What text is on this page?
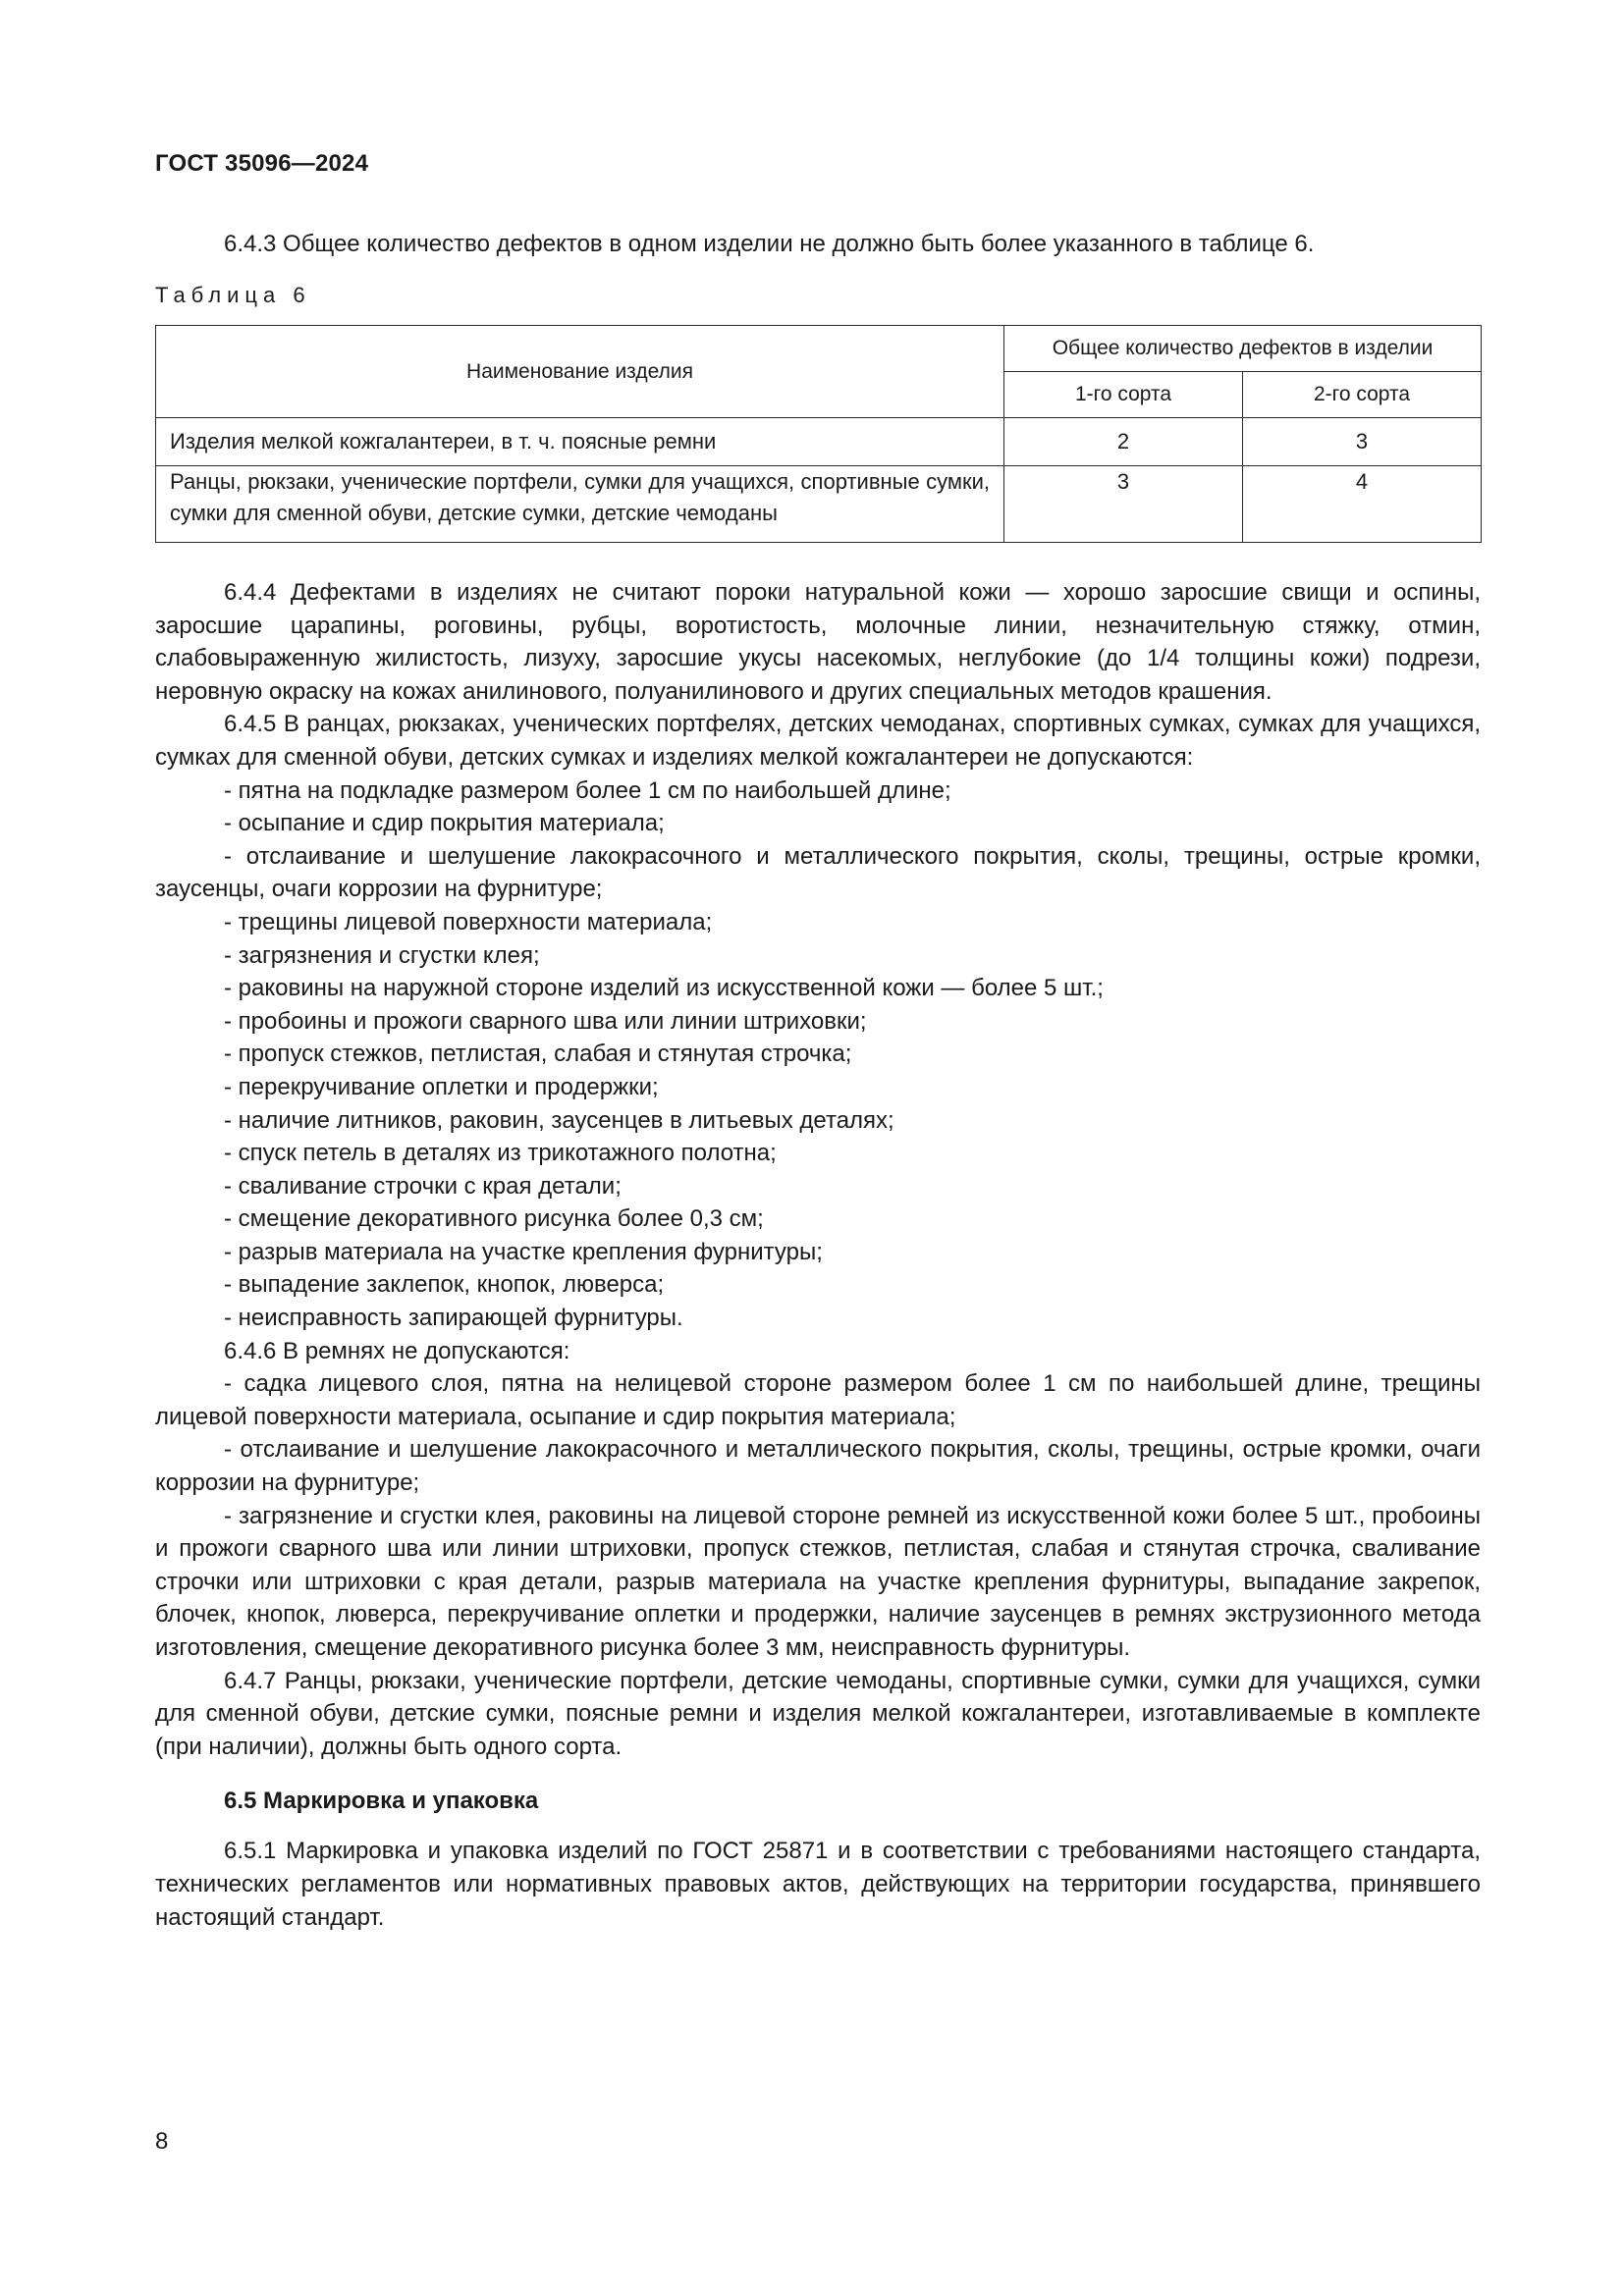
ГОСТ 35096—2024

6.4.3 Общее количество дефектов в одном изделии не должно быть более указанного в таблице 6.

Таблица 6
Наименование изделия	Общее количество дефектов в изделии	
	1-го сорта	2-го сорта
Изделия мелкой кожгалантереи, в т. ч. поясные ремни	2	3
Ранцы, рюкзаки, ученические портфели, сумки для учащихся, спортивные сумки, сумки для сменной обуви, детские сумки, детские чемоданы	3	4

6.4.4 Дефектами в изделиях не считают пороки натуральной кожи — хорошо заросшие свищи и оспины, заросшие царапины, роговины, рубцы, воротистость, молочные линии, незначительную стяжку, отмин, слабовыраженную жилистость, лизуху, заросшие укусы насекомых, неглубокие (до 1/4 толщины кожи) подрези, неровную окраску на кожах анилинового, полуанилинового и других специальных методов крашения.

6.4.5 В ранцах, рюкзаках, ученических портфелях, детских чемоданах, спортивных сумках, сумках для учащихся, сумках для сменной обуви, детских сумках и изделиях мелкой кожгалантереи не допускаются:

- пятна на подкладке размером более 1 см по наибольшей длине;

- осыпание и сдир покрытия материала;

- отслаивание и шелушение лакокрасочного и металлического покрытия, сколы, трещины, острые кромки, заусенцы, очаги коррозии на фурнитуре;

- трещины лицевой поверхности материала;

- загрязнения и сгустки клея;

- раковины на наружной стороне изделий из искусственной кожи — более 5 шт.;

- пробоины и прожоги сварного шва или линии штриховки;

- пропуск стежков, петлистая, слабая и стянутая строчка;

- перекручивание оплетки и продержки;

- наличие литников, раковин, заусенцев в литьевых деталях;

- спуск петель в деталях из трикотажного полотна;

- сваливание строчки с края детали;

- смещение декоративного рисунка более 0,3 см;

- разрыв материала на участке крепления фурнитуры;

- выпадение заклепок, кнопок, люверса;

- неисправность запирающей фурнитуры.

6.4.6 В ремнях не допускаются:

- садка лицевого слоя, пятна на нелицевой стороне размером более 1 см по наибольшей длине, трещины лицевой поверхности материала, осыпание и сдир покрытия материала;

- отслаивание и шелушение лакокрасочного и металлического покрытия, сколы, трещины, острые кромки, очаги коррозии на фурнитуре;

- загрязнение и сгустки клея, раковины на лицевой стороне ремней из искусственной кожи более 5 шт., пробоины и прожоги сварного шва или линии штриховки, пропуск стежков, петлистая, слабая и стянутая строчка, сваливание строчки или штриховки с края детали, разрыв материала на участке крепления фурнитуры, выпадание закрепок, блочек, кнопок, люверса, перекручивание оплетки и продержки, наличие заусенцев в ремнях экструзионного метода изготовления, смещение декоративного рисунка более 3 мм, неисправность фурнитуры.

6.4.7 Ранцы, рюкзаки, ученические портфели, детские чемоданы, спортивные сумки, сумки для учащихся, сумки для сменной обуви, детские сумки, поясные ремни и изделия мелкой кожгалантереи, изготавливаемые в комплекте (при наличии), должны быть одного сорта.

6.5 Маркировка и упаковка

6.5.1 Маркировка и упаковка изделий по ГОСТ 25871 и в соответствии с требованиями настоящего стандарта, технических регламентов или нормативных правовых актов, действующих на территории государства, принявшего настоящий стандарт.

8
